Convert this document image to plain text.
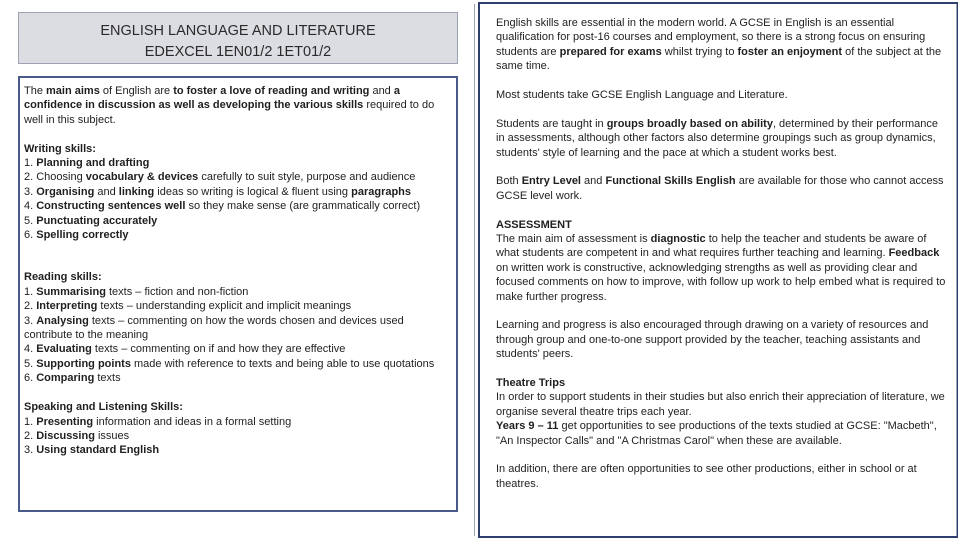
ENGLISH LANGUAGE AND LITERATURE
EDEXCEL 1EN01/2 1ET01/2

The main aims of English are to foster a love of reading and writing and a confidence in discussion as well as developing the various skills required to do well in this subject.

Writing skills:

1. Planning and drafting

2. Choosing vocabulary & devices carefully to suit style, purpose and audience

3. Organising and linking ideas so writing is logical & fluent using paragraphs

4. Constructing sentences well so they make sense (are grammatically correct)

5. Punctuating accurately

6. Spelling correctly

Reading skills:

1. Summarising texts – fiction and non-fiction

2. Interpreting texts – understanding explicit and implicit meanings

3. Analysing texts – commenting on how the words chosen and devices used contribute to the meaning

4. Evaluating texts – commenting on if and how they are effective

5. Supporting points made with reference to texts and being able to use quotations

6. Comparing texts

Speaking and Listening Skills:

1. Presenting information and ideas in a formal setting

2. Discussing issues

3. Using standard English

English skills are essential in the modern world. A GCSE in English is an essential qualification for post-16 courses and employment, so there is a strong focus on ensuring students are prepared for exams whilst trying to foster an enjoyment of the subject at the same time.

Most students take GCSE English Language and Literature.

Students are taught in groups broadly based on ability, determined by their performance in assessments, although other factors also determine groupings such as group dynamics, students' style of learning and the pace at which a student works best.

Both Entry Level and Functional Skills English are available for those who cannot access GCSE level work.

ASSESSMENT

The main aim of assessment is diagnostic to help the teacher and students be aware of what students are competent in and what requires further teaching and learning. Feedback on written work is constructive, acknowledging strengths as well as providing clear and focused comments on how to improve, with follow up work to help embed what is required to make further progress.

Learning and progress is also encouraged through drawing on a variety of resources and through group and one-to-one support provided by the teacher, teaching assistants and students' peers.

Theatre Trips

In order to support students in their studies but also enrich their appreciation of literature, we organise several theatre trips each year.

Years 9 – 11 get opportunities to see productions of the texts studied at GCSE: "Macbeth", "An Inspector Calls" and "A Christmas Carol" when these are available.

In addition, there are often opportunities to see other productions, either in school or at theatres.
